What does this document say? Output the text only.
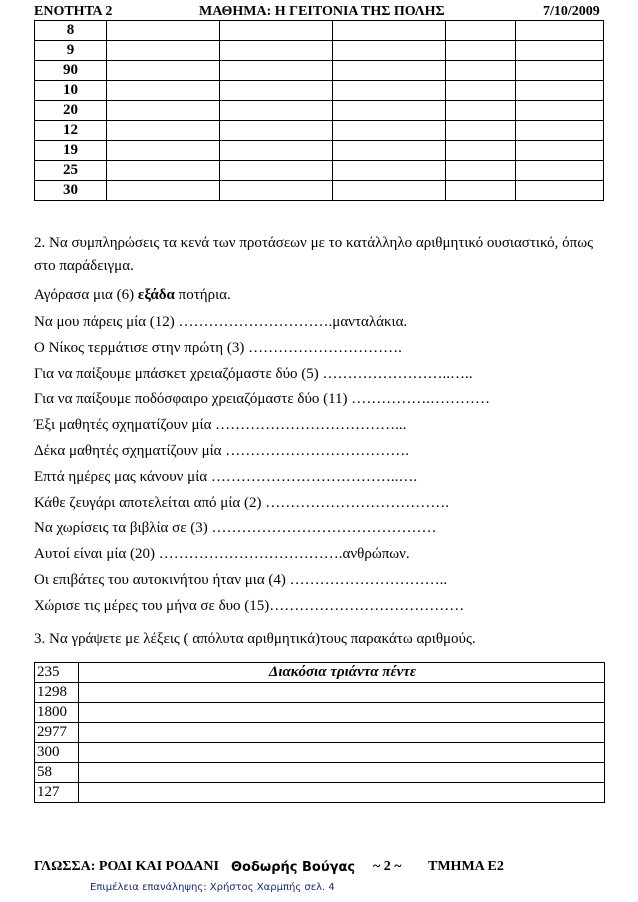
ΕΝΟΤΗΤΑ 2	ΜΑΘΗΜΑ: Η ΓΕΙΤΟΝΙΑ ΤΗΣ ΠΟΛΗΣ	7/10/2009
8					
9					
90					
10					
20					
12					
19					
25					
30					
2. Να συμπληρώσεις τα κενά των προτάσεων με το κατάλληλο αριθμητικό ουσιαστικό, όπως στο παράδειγμα.
Αγόρασα μια (6) εξάδα ποτήρια.
Να μου πάρεις μία (12) ………………………….μανταλάκια.
Ο Νίκος τερμάτισε στην πρώτη (3) ………………………….
Για να παίξουμε μπάσκετ χρειαζόμαστε δύο (5) ……………………..…..
Για να παίξουμε ποδόσφαιρο χρειαζόμαστε δύο (11) …………….…………
Έξι μαθητές σχηματίζουν μία ………………………………...
Δέκα μαθητές σχηματίζουν μία ……………………………….
Επτά ημέρες μας κάνουν μία ………………………………..….
Κάθε ζευγάρι αποτελείται από μία (2) ……………………………….
Να χωρίσεις τα βιβλία σε (3) ………………………………………
Αυτοί είναι μία (20) ……………………………….ανθρώπων.
Οι επιβάτες του αυτοκινήτου ήταν μια (4) …………………………..
Χώρισε τις μέρες του μήνα σε δυο (15)…………………………………
3. Να γράψετε με λέξεις ( απόλυτα αριθμητικά)τους παρακάτω αριθμούς.
235	Διακόσια τριάντα πέντε
1298	
1800	
2977	
300	
58	
127	
ΓΛΩΣΣΑ: ΡΟΔΙ ΚΑΙ ΡΟΔΑΝΙ Θοδωρής Βούγας ~ 2 ~ ΤΜΗΜΑ Ε2
Επιμέλεια επανάληψης: Χρήστος Χαρμπής σελ. 4
